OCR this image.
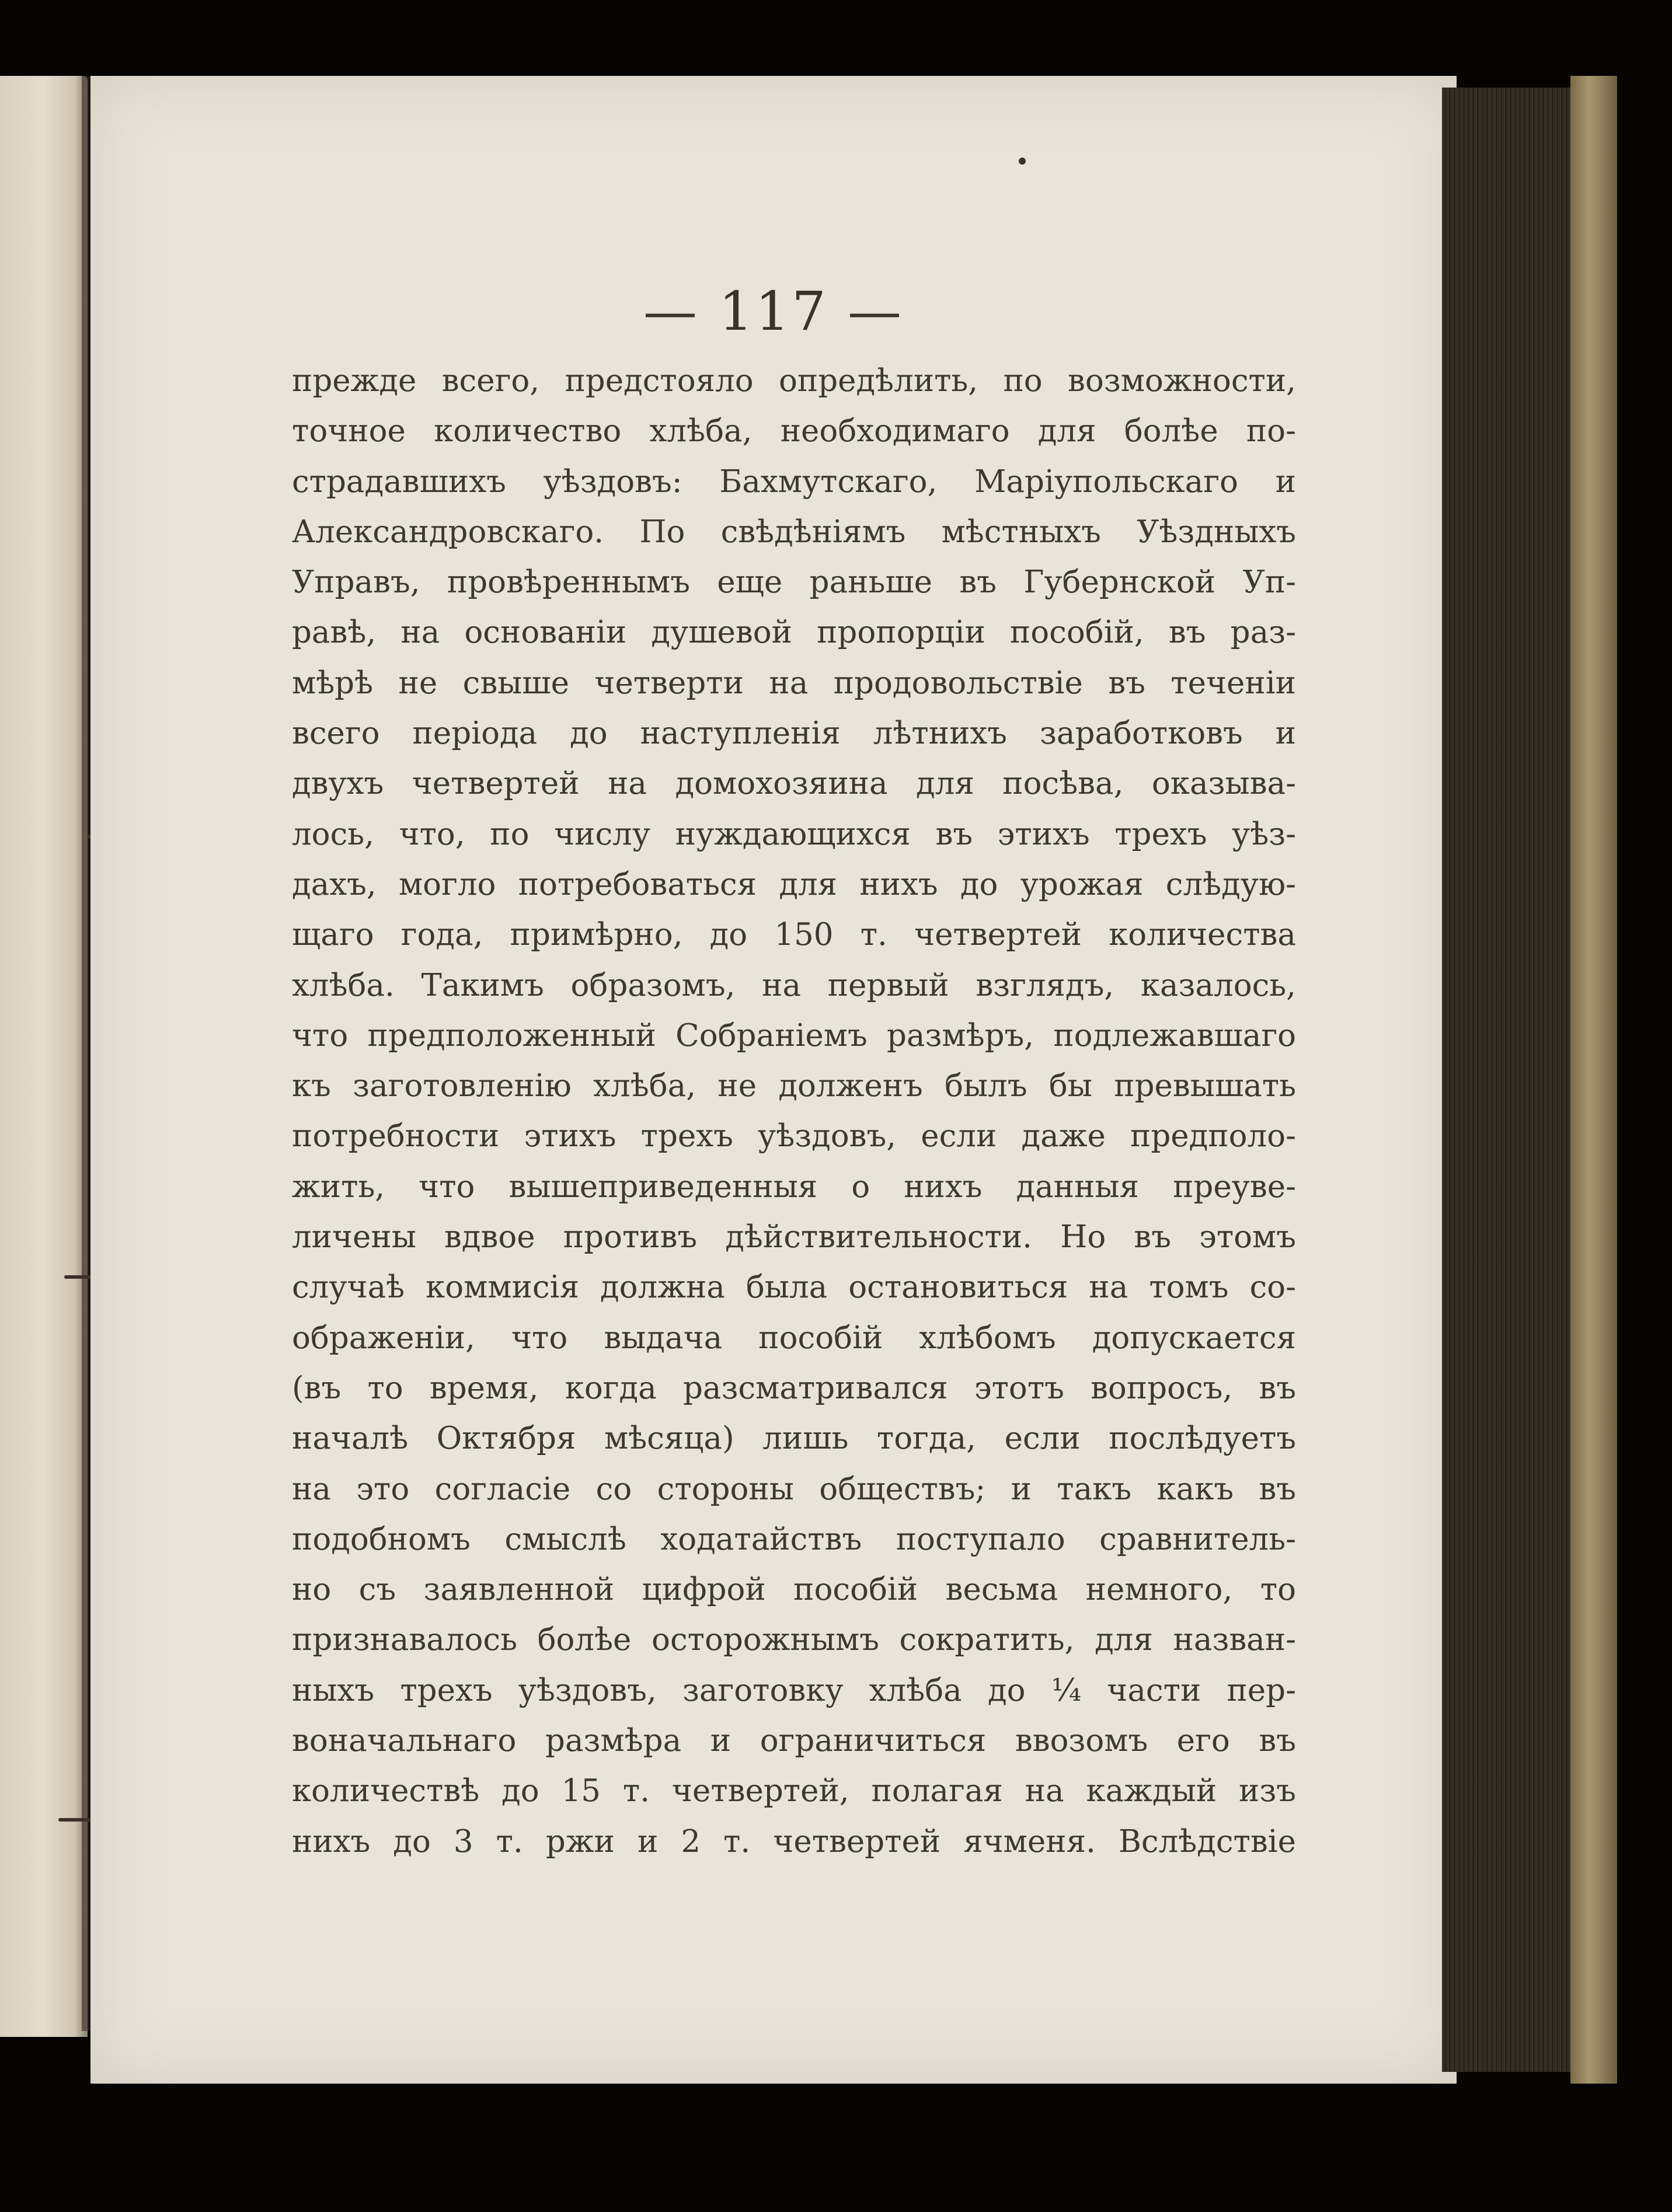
— 117 —
прежде всего, предстояло опредѣлить, по возможности,
точное количество хлѣба, необходимаго для болѣе по-
страдавшихъ уѣздовъ: Бахмутскаго, Маріупольскаго и
Александровскаго. По свѣдѣніямъ мѣстныхъ Уѣздныхъ
Управъ, провѣреннымъ еще раньше въ Губернской Уп-
равѣ, на основаніи душевой пропорціи пособій, въ раз-
мѣрѣ не свыше четверти на продовольствіе въ теченіи
всего періода до наступленія лѣтнихъ заработковъ и
двухъ четвертей на домохозяина для посѣва, оказыва-
лось, что, по числу нуждающихся въ этихъ трехъ уѣз-
дахъ, могло потребоваться для нихъ до урожая слѣдую-
щаго года, примѣрно, до 150 т. четвертей количества
хлѣба. Такимъ образомъ, на первый взглядъ, казалось,
что предположенный Собраніемъ размѣръ, подлежавшаго
къ заготовленію хлѣба, не долженъ былъ бы превышать
потребности этихъ трехъ уѣздовъ, если даже предполо-
жить, что вышеприведенныя о нихъ данныя преуве-
личены вдвое противъ дѣйствительности. Но въ этомъ
случаѣ коммисія должна была остановиться на томъ со-
ображеніи, что выдача пособій хлѣбомъ допускается
(въ то время, когда разсматривался этотъ вопросъ, въ
началѣ Октября мѣсяца) лишь тогда, если послѣдуетъ
на это согласіе со стороны обществъ; и такъ какъ въ
подобномъ смыслѣ ходатайствъ поступало сравнитель-
но съ заявленной цифрой пособій весьма немного, то
признавалось болѣе осторожнымъ сократить, для назван-
ныхъ трехъ уѣздовъ, заготовку хлѣба до ¼ части пер-
воначальнаго размѣра и ограничиться ввозомъ его въ
количествѣ до 15 т. четвертей, полагая на каждый изъ
нихъ до 3 т. ржи и 2 т. четвертей ячменя. Вслѣдствіе
